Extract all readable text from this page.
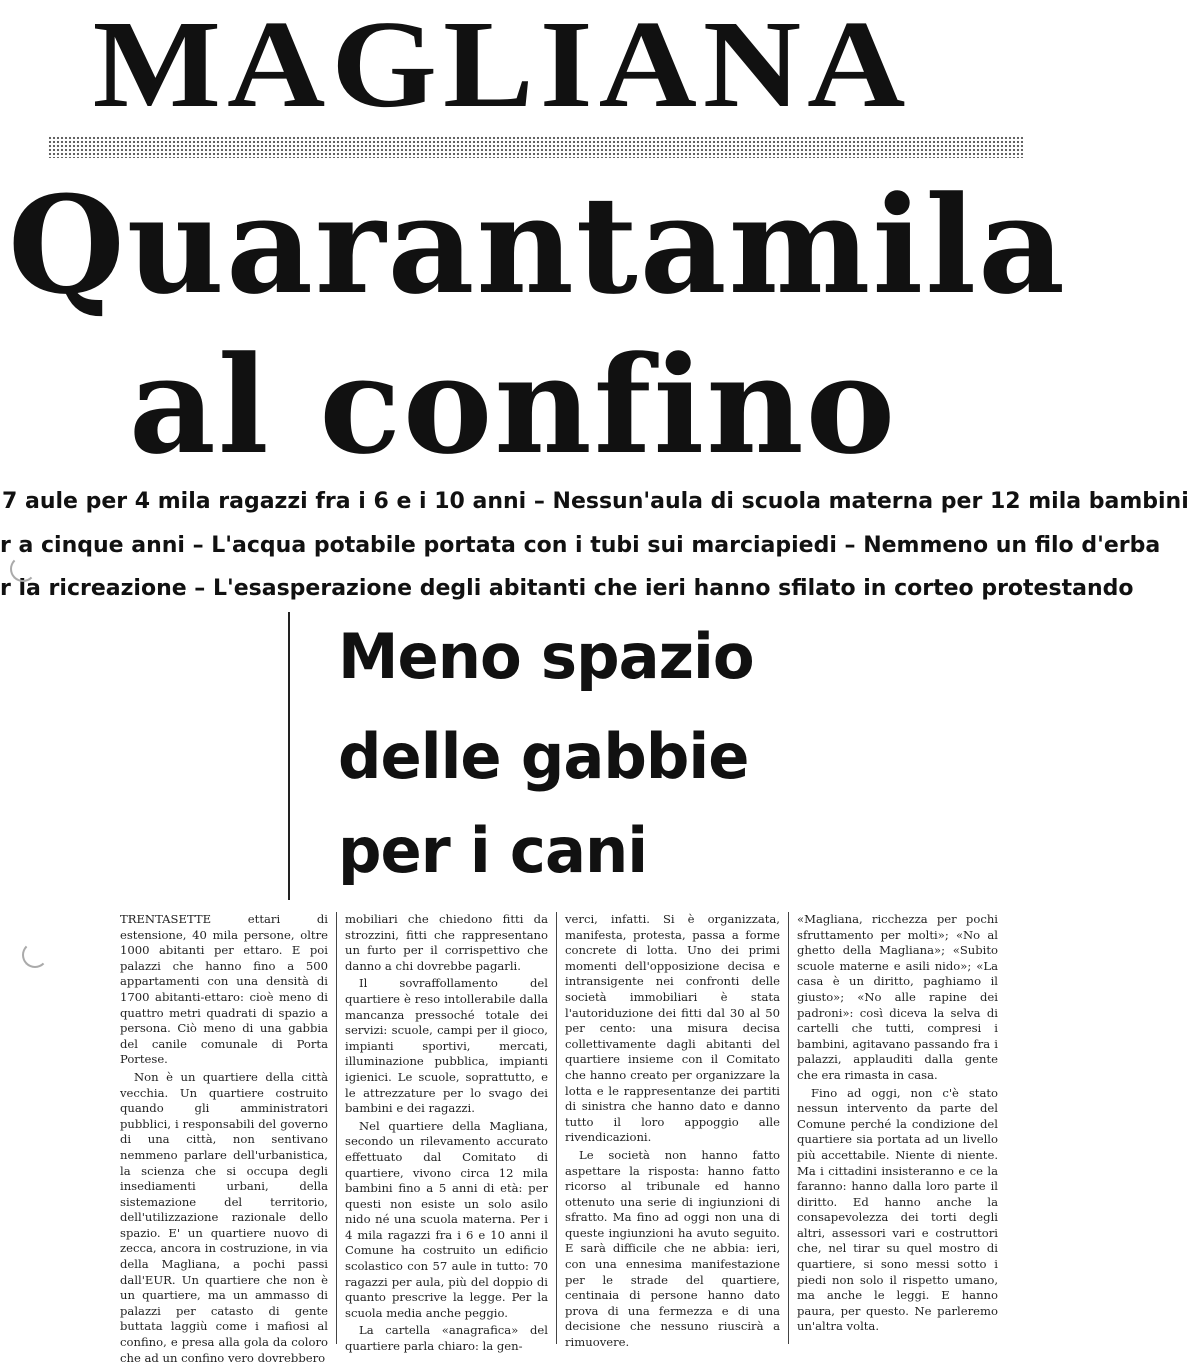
MAGLIANA
Quarantamila
al confino
7 aule per 4 mila ragazzi fra i 6 e i 10 anni – Nessun'aula di scuola materna per 12 mila bambini
r a cinque anni – L'acqua potabile portata con i tubi sui marciapiedi – Nemmeno un filo d'erba
r la ricreazione – L'esasperazione degli abitanti che ieri hanno sfilato in corteo protestando
Meno spazio
delle gabbie
per i cani

TRENTASETTE ettari di estensione, 40 mila persone, oltre 1000 abitanti per ettaro. E poi palazzi che hanno fino a 500 appartamenti con una densità di 1700 abitanti-ettaro: cioè meno di quattro metri quadrati di spazio a persona. Ciò meno di una gabbia del canile comunale di Porta Portese.

Non è un quartiere della città vecchia. Un quartiere costruito quando gli amministratori pubblici, i responsabili del governo di una città, non sentivano nemmeno parlare dell'urbanistica, la scienza che si occupa degli insediamenti urbani, della sistemazione del territorio, dell'utilizzazione razionale dello spazio. E' un quartiere nuovo di zecca, ancora in costruzione, in via della Magliana, a pochi passi dall'EUR. Un quartiere che non è un quartiere, ma un ammasso di palazzi per catasto di gente buttata laggiù come i mafiosi al confino, e presa alla gola da coloro che ad un confino vero dovrebbero

mobiliari che chiedono fitti da strozzini, fitti che rappresentano un furto per il corrispettivo che danno a chi dovrebbe pagarli.

Il sovraffollamento del quartiere è reso intollerabile dalla mancanza pressoché totale dei servizi: scuole, campi per il gioco, impianti sportivi, mercati, illuminazione pubblica, impianti igienici. Le scuole, soprattutto, e le attrezzature per lo svago dei bambini e dei ragazzi.

Nel quartiere della Magliana, secondo un rilevamento accurato effettuato dal Comitato di quartiere, vivono circa 12 mila bambini fino a 5 anni di età: per questi non esiste un solo asilo nido né una scuola materna. Per i 4 mila ragazzi fra i 6 e 10 anni il Comune ha costruito un edificio scolastico con 57 aule in tutto: 70 ragazzi per aula, più del doppio di quanto prescrive la legge. Per la scuola media anche peggio.

La cartella «anagrafica» del quartiere parla chiaro: la gen-

verci, infatti. Si è organizzata, manifesta, protesta, passa a forme concrete di lotta. Uno dei primi momenti dell'opposizione decisa e intransigente nei confronti delle società immobiliari è stata l'autoriduzione dei fitti dal 30 al 50 per cento: una misura decisa collettivamente dagli abitanti del quartiere insieme con il Comitato che hanno creato per organizzare la lotta e le rappresentanze dei partiti di sinistra che hanno dato e danno tutto il loro appoggio alle rivendicazioni.

Le società non hanno fatto aspettare la risposta: hanno fatto ricorso al tribunale ed hanno ottenuto una serie di ingiunzioni di sfratto. Ma fino ad oggi non una di queste ingiunzioni ha avuto seguito. E sarà difficile che ne abbia: ieri, con una ennesima manifestazione per le strade del quartiere, centinaia di persone hanno dato prova di una fermezza e di una decisione che nessuno riuscirà a rimuovere.

«Magliana, ricchezza per pochi sfruttamento per molti»; «No al ghetto della Magliana»; «Subito scuole materne e asili nido»; «La casa è un diritto, paghiamo il giusto»; «No alle rapine dei padroni»: così diceva la selva di cartelli che tutti, compresi i bambini, agitavano passando fra i palazzi, applauditi dalla gente che era rimasta in casa.

Fino ad oggi, non c'è stato nessun intervento da parte del Comune perché la condizione del quartiere sia portata ad un livello più accettabile. Niente di niente. Ma i cittadini insisteranno e ce la faranno: hanno dalla loro parte il diritto. Ed hanno anche la consapevolezza dei torti degli altri, assessori vari e costruttori che, nel tirar su quel mostro di quartiere, si sono messi sotto i piedi non solo il rispetto umano, ma anche le leggi. E hanno paura, per questo. Ne parleremo un'altra volta.
